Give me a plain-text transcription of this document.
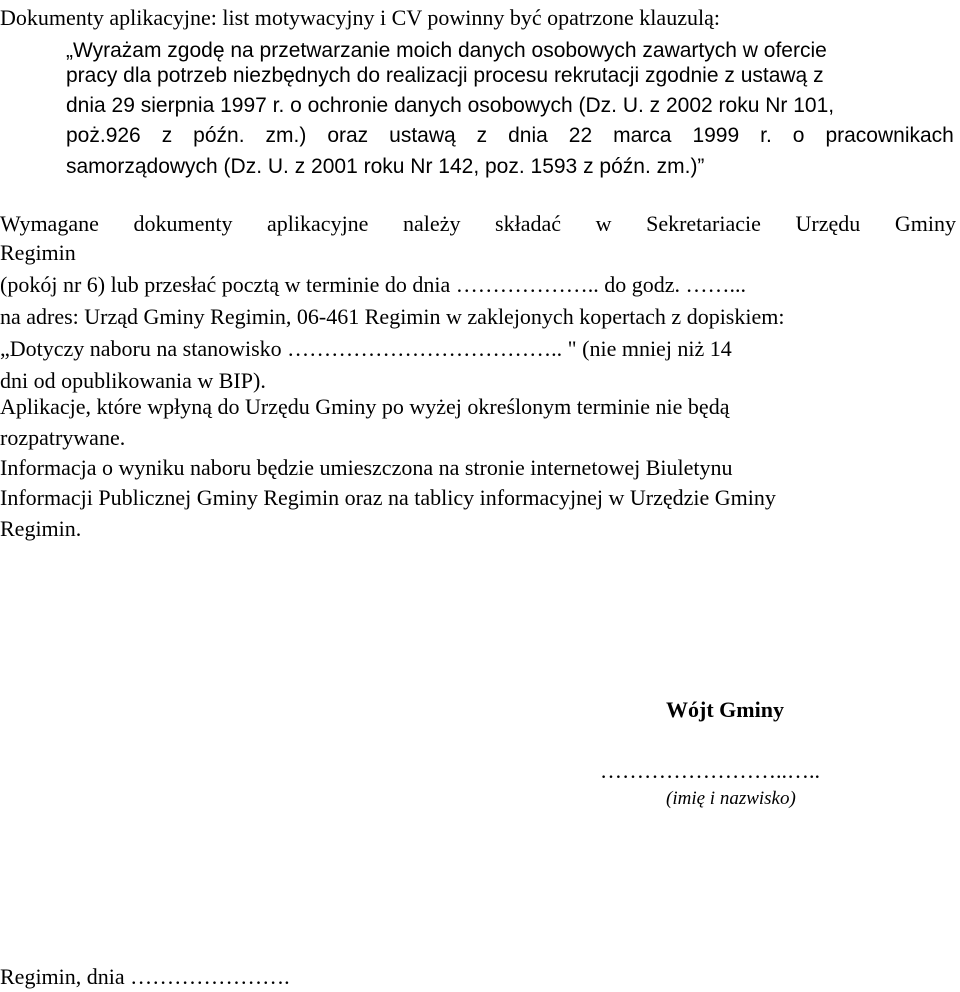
Dokumenty aplikacyjne: list motywacyjny i CV powinny być opatrzone klauzulą:
„Wyrażam zgodę na przetwarzanie moich danych osobowych zawartych w ofercie
pracy dla potrzeb niezbędnych do realizacji procesu rekrutacji zgodnie z ustawą z
dnia 29 sierpnia 1997 r. o ochronie danych osobowych (Dz. U. z 2002 roku Nr 101,
poż.926 z późn. zm.) oraz ustawą z dnia 22 marca 1999 r. o pracownikach
samorządowych (Dz. U. z 2001 roku Nr 142, poz. 1593 z późn. zm.)”
Wymagane dokumenty aplikacyjne należy składać w Sekretariacie Urzędu Gminy
Regimin
(pokój nr 6) lub przesłać pocztą w terminie do dnia ……………….. do godz. ……...
na adres: Urząd Gminy Regimin, 06-461 Regimin w zaklejonych kopertach z dopiskiem:
„Dotyczy naboru na stanowisko ……………………………….. " (nie mniej niż 14
dni od opublikowania w BIP).
Aplikacje, które wpłyną do Urzędu Gminy po wyżej określonym terminie nie będą
rozpatrywane.
Informacja o wyniku naboru będzie umieszczona na stronie internetowej Biuletynu
Informacji Publicznej Gminy Regimin oraz na tablicy informacyjnej w Urzędzie Gminy
Regimin.
Wójt Gminy
……………………..…..
(imię i nazwisko)
Regimin, dnia ………………….
